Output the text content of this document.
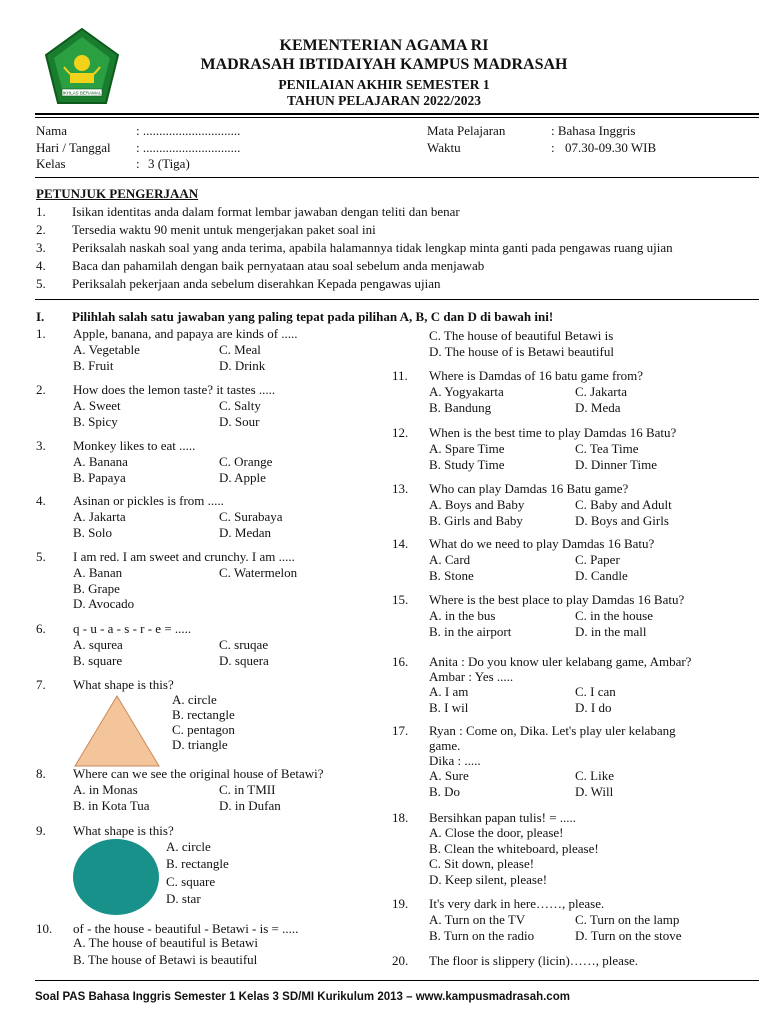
IKHLAS BERAMAL
KEMENTERIAN AGAMA RI
MADRASAH IBTIDAIYAH KAMPUS MADRASAH
PENILAIAN AKHIR SEMESTER 1
TAHUN PELAJARAN 2022/2023
Nama	: ..............................
Hari / Tanggal : ..............................
Kelas	: 3 (Tiga)
Mata Pelajaran	: Bahasa Inggris
Waktu	: 07.30-09.30 WIB
PETUNJUK PENGERJAAN
1. Isikan identitas anda dalam format lembar jawaban dengan teliti dan benar
2. Tersedia waktu 90 menit untuk mengerjakan paket soal ini
3. Periksalah naskah soal yang anda terima, apabila halamannya tidak lengkap minta ganti pada pengawas ruang ujian
4. Baca dan pahamilah dengan baik pernyataan atau soal sebelum anda menjawab
5. Periksalah pekerjaan anda sebelum diserahkan Kepada pengawas ujian
I. Pilihlah salah satu jawaban yang paling tepat pada pilihan A, B, C dan D di bawah ini!
1. Apple, banana, and papaya are kinds of .....
A. Vegetable	C. Meal
B. Fruit	D. Drink
2. How does the lemon taste? it tastes .....
A. Sweet	C. Salty
B. Spicy	D. Sour
3. Monkey likes to eat .....
A. Banana	C. Orange
B. Papaya	D. Apple
4. Asinan or pickles is from .....
A. Jakarta	C. Surabaya
B. Solo	D. Medan
5. I am red. I am sweet and crunchy. I am .....
A. Banan	C. Watermelon
B. Grape
D. Avocado
6. q - u - a - s - r - e = .....
A. squrea	C. sruqae
B. square	D. squera
7. What shape is this?
A. circle
B. rectangle
C. pentagon
D. triangle
8. Where can we see the original house of Betawi?
A. in Monas	C. in TMII
B. in Kota Tua	D. in Dufan
9. What shape is this?
A. circle
B. rectangle
C. square
D. star
10. of - the house - beautiful - Betawi - is = .....
A. The house of beautiful is Betawi
B. The house of Betawi is beautiful
C. The house of beautiful Betawi is
D. The house of is Betawi beautiful
11. Where is Damdas of 16 batu game from?
A. Yogyakarta	C. Jakarta
B. Bandung	D. Meda
12. When is the best time to play Damdas 16 Batu?
A. Spare Time	C. Tea Time
B. Study Time	D. Dinner Time
13. Who can play Damdas 16 Batu game?
A. Boys and Baby	C. Baby and Adult
B. Girls and Baby	D. Boys and Girls
14. What do we need to play Damdas 16 Batu?
A. Card	C. Paper
B. Stone	D. Candle
15. Where is the best place to play Damdas 16 Batu?
A. in the bus	C. in the house
B. in the airport	D. in the mall
16. Anita : Do you know uler kelabang game, Ambar?
Ambar : Yes .....
A. I am	C. I can
B. I wil	D. I do
17. Ryan : Come on, Dika. Let's play uler kelabang
game.
Dika : .....
A. Sure	C. Like
B. Do	D. Will
18. Bersihkan papan tulis! = .....
A. Close the door, please!
B. Clean the whiteboard, please!
C. Sit down, please!
D. Keep silent, please!
19. It's very dark in here……, please.
A. Turn on the TV	C. Turn on the lamp
B. Turn on the radio	D. Turn on the stove
20. The floor is slippery (licin)……, please.
Soal PAS Bahasa Inggris Semester 1 Kelas 3 SD/MI Kurikulum 2013 – www.kampusmadrasah.com
